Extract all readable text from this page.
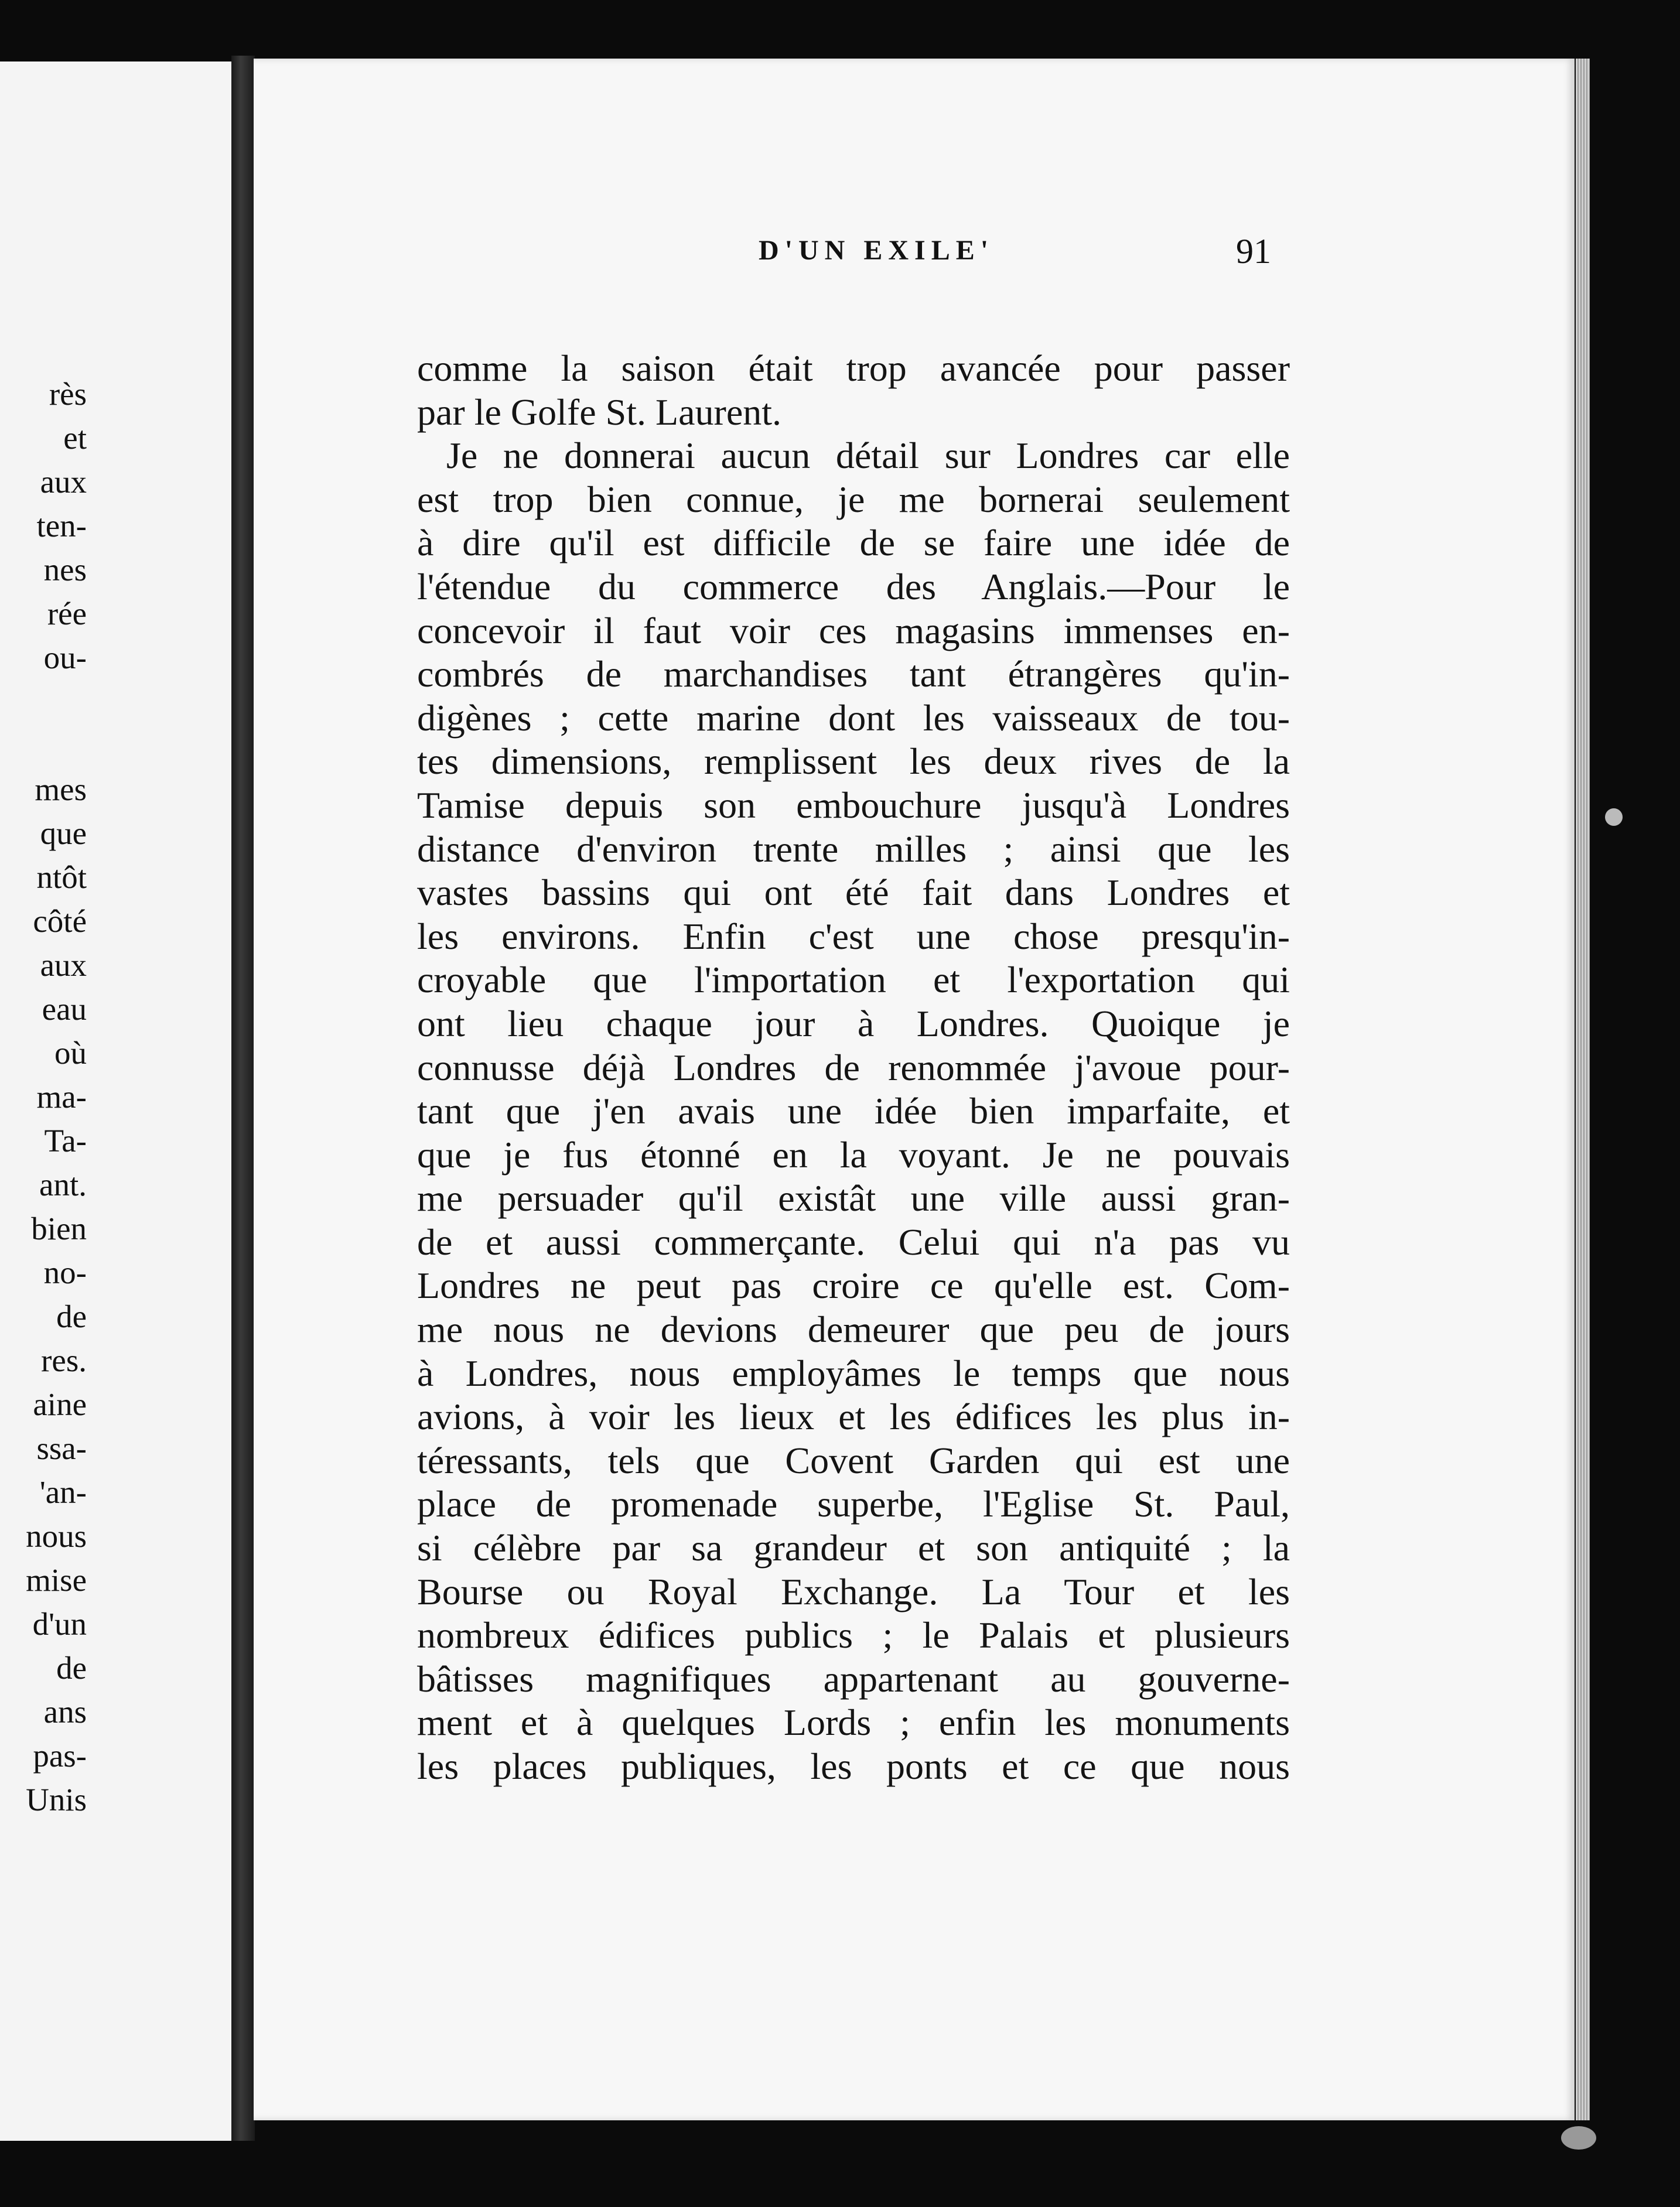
rès
et
aux
ten-
nes
rée
ou-
mes
que
ntôt
côté
aux
eau
où
ma-
Ta-
ant.
bien
no-
de
res.
aine
ssa-
'an-
nous
mise
d'un
de
ans
pas-
Unis
D'UN EXILE'	91
comme la saison était trop avancée pour passer
par le Golfe St. Laurent.
Je ne donnerai aucun détail sur Londres car elle
est trop bien connue, je me bornerai seulement
à dire qu'il est difficile de se faire une idée de
l'étendue du commerce des Anglais.—Pour le
concevoir il faut voir ces magasins immenses en-
combrés de marchandises tant étrangères qu'in-
digènes ; cette marine dont les vaisseaux de tou-
tes dimensions, remplissent les deux rives de la
Tamise depuis son embouchure jusqu'à Londres
distance d'environ trente milles ; ainsi que les
vastes bassins qui ont été fait dans Londres et
les environs. Enfin c'est une chose presqu'in-
croyable que l'importation et l'exportation qui
ont lieu chaque jour à Londres. Quoique je
connusse déjà Londres de renommée j'avoue pour-
tant que j'en avais une idée bien imparfaite, et
que je fus étonné en la voyant. Je ne pouvais
me persuader qu'il existât une ville aussi gran-
de et aussi commerçante. Celui qui n'a pas vu
Londres ne peut pas croire ce qu'elle est. Com-
me nous ne devions demeurer que peu de jours
à Londres, nous employâmes le temps que nous
avions, à voir les lieux et les édifices les plus in-
téressants, tels que Covent Garden qui est une
place de promenade superbe, l'Eglise St. Paul,
si célèbre par sa grandeur et son antiquité ; la
Bourse ou Royal Exchange. La Tour et les
nombreux édifices publics ; le Palais et plusieurs
bâtisses magnifiques appartenant au gouverne-
ment et à quelques Lords ; enfin les monuments
les places publiques, les ponts et ce que nous
